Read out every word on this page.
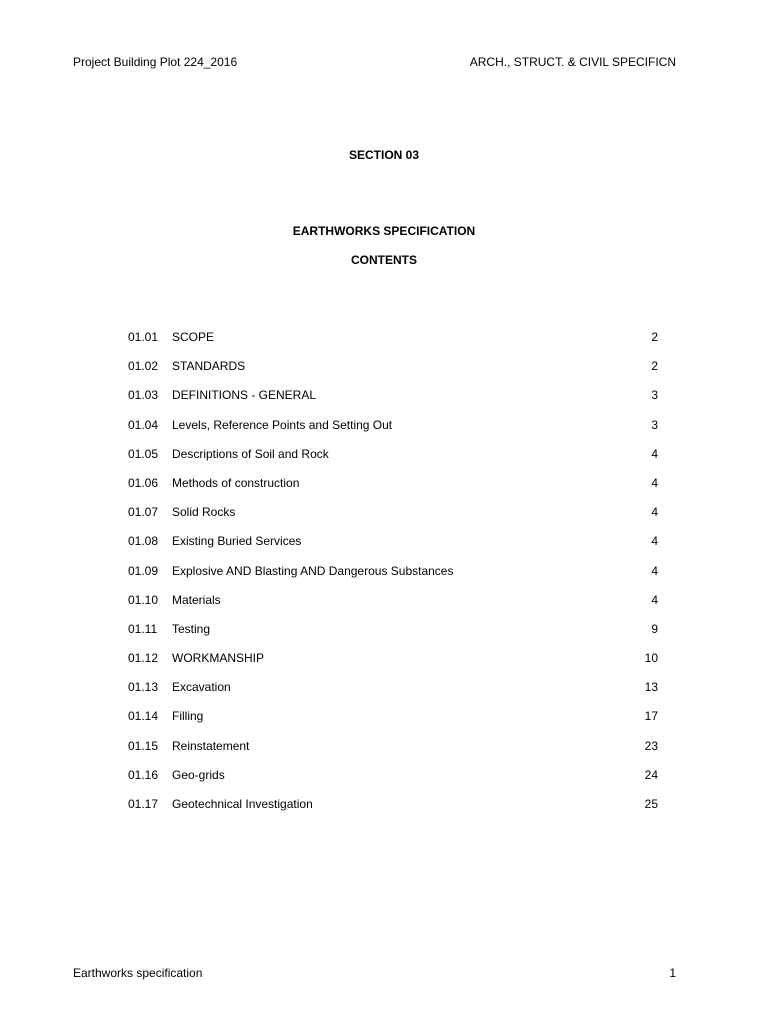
Project Building Plot 224_2016	ARCH., STRUCT. & CIVIL SPECIFICN
SECTION 03
EARTHWORKS SPECIFICATION
CONTENTS
01.01 SCOPE	2
01.02 STANDARDS	2
01.03 DEFINITIONS - GENERAL	3
01.04 Levels, Reference Points and Setting Out	3
01.05 Descriptions of Soil and Rock	4
01.06 Methods of construction	4
01.07 Solid Rocks	4
01.08 Existing Buried Services	4
01.09 Explosive AND Blasting AND Dangerous Substances	4
01.10 Materials	4
01.11 Testing	9
01.12 WORKMANSHIP	10
01.13 Excavation	13
01.14 Filling	17
01.15 Reinstatement	23
01.16 Geo-grids	24
01.17 Geotechnical Investigation	25
Earthworks specification	1
